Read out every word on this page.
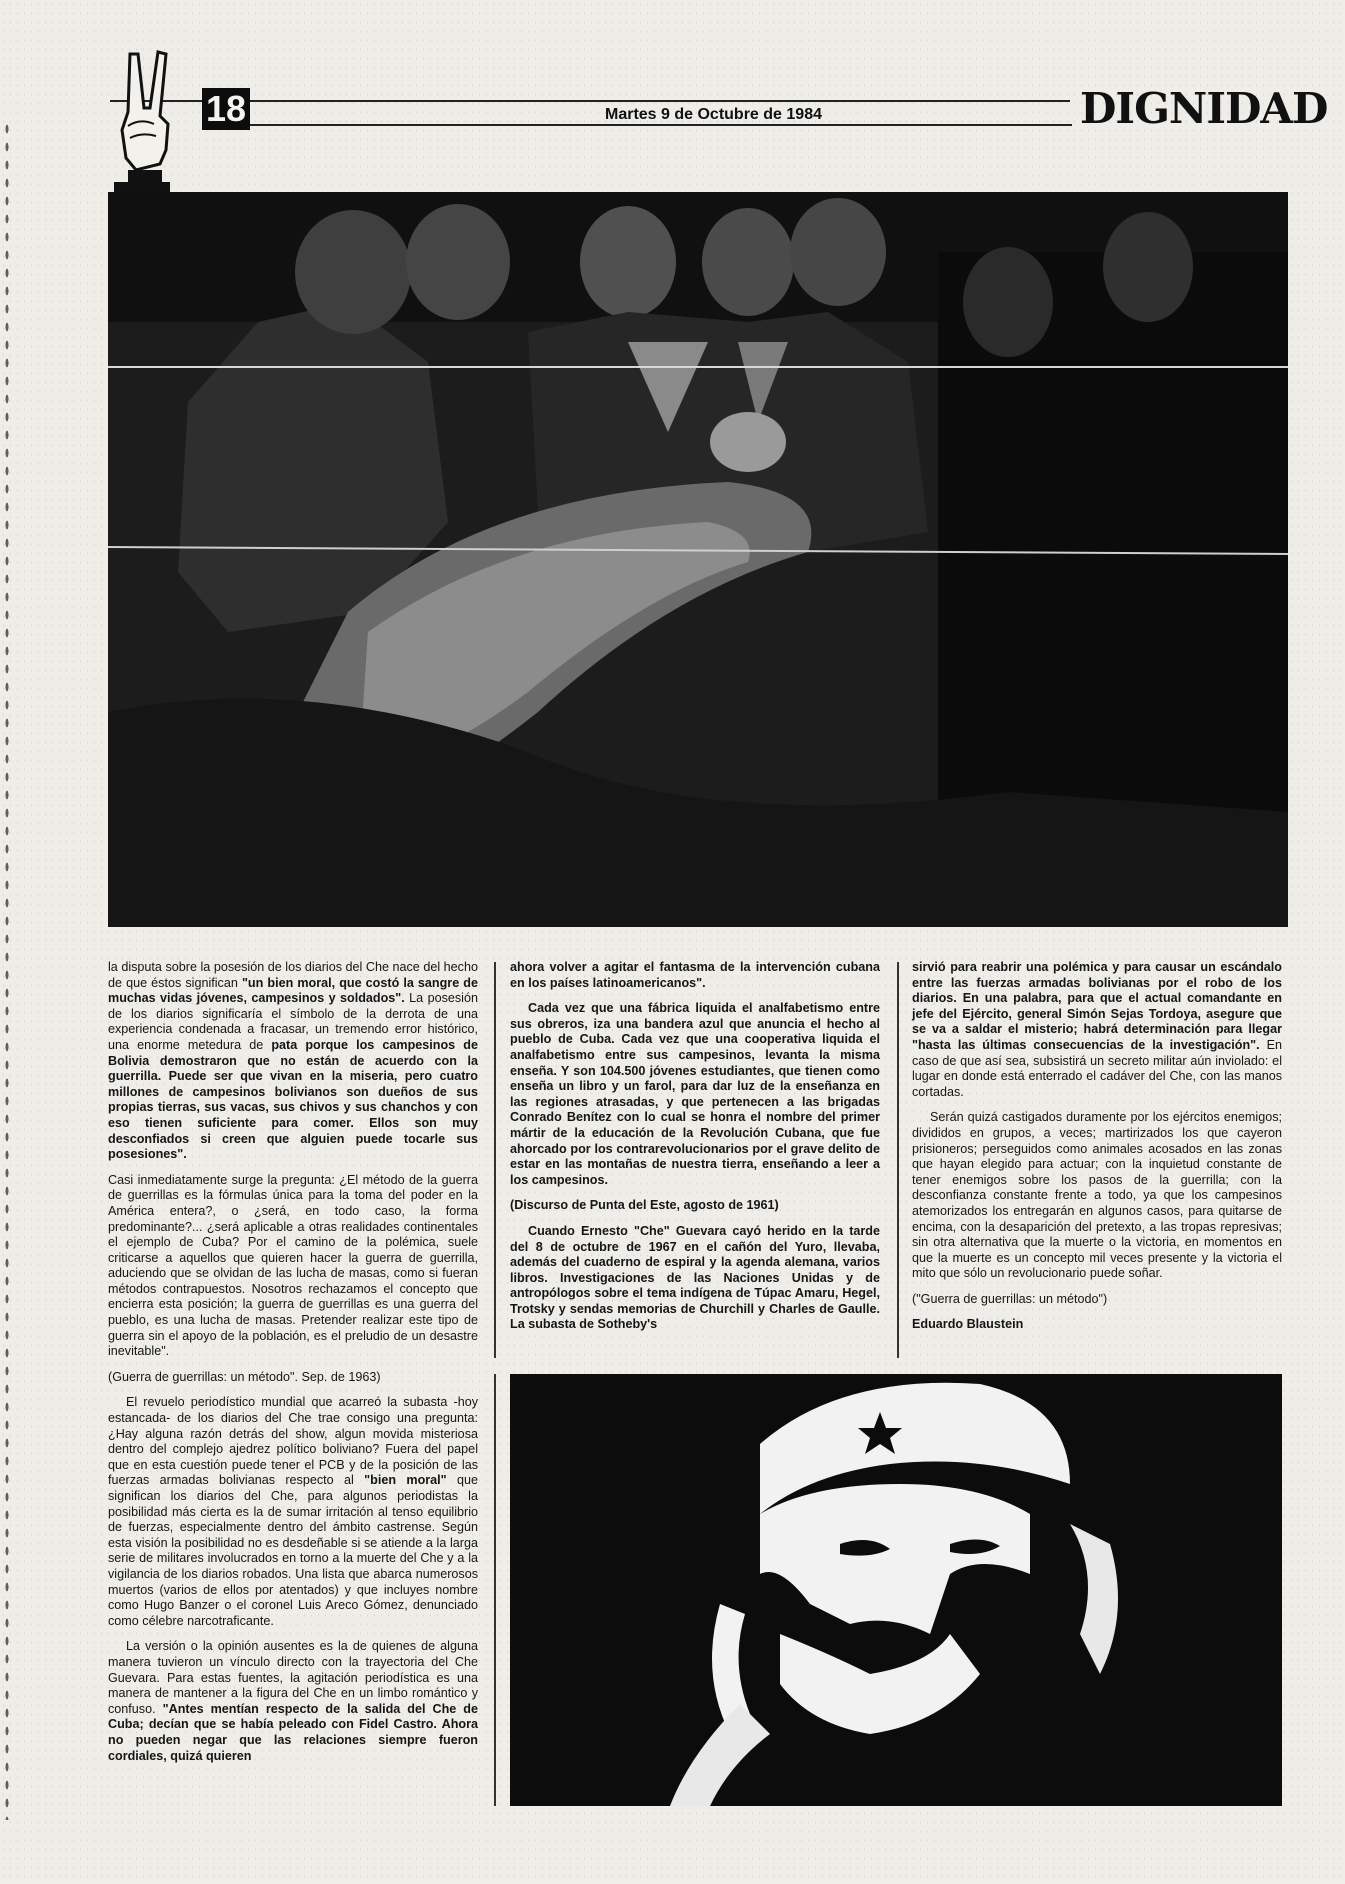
18	Martes 9 de Octubre de 1984	DIGNIDAD

la disputa sobre la posesión de los diarios del Che nace del hecho de que éstos significan "un bien moral, que costó la sangre de muchas vidas jóvenes, campesinos y soldados". La posesión de los diarios significaría el símbolo de la derrota de una experiencia condenada a fracasar, un tremendo error histórico, una enorme metedura de pata porque los campesinos de Bolivia demostraron que no están de acuerdo con la guerrilla. Puede ser que vivan en la miseria, pero cuatro millones de campesinos bolivianos son dueños de sus propias tierras, sus vacas, sus chivos y sus chanchos y con eso tienen suficiente para comer. Ellos son muy desconfiados si creen que alguien puede tocarle sus posesiones".

Casi inmediatamente surge la pregunta: ¿El método de la guerra de guerrillas es la fórmulas única para la toma del poder en la América entera?, o ¿será, en todo caso, la forma predominante?... ¿será aplicable a otras realidades continentales el ejemplo de Cuba? Por el camino de la polémica, suele criticarse a aquellos que quieren hacer la guerra de guerrilla, aduciendo que se olvidan de las lucha de masas, como si fueran métodos contrapuestos. Nosotros rechazamos el concepto que encierra esta posición; la guerra de guerrillas es una guerra del pueblo, es una lucha de masas. Pretender realizar este tipo de guerra sin el apoyo de la población, es el preludio de un desastre inevitable".

(Guerra de guerrillas: un método". Sep. de 1963)

El revuelo periodístico mundial que acarreó la subasta -hoy estancada- de los diarios del Che trae consigo una pregunta: ¿Hay alguna razón detrás del show, algun movida misteriosa dentro del complejo ajedrez político boliviano? Fuera del papel que en esta cuestión puede tener el PCB y de la posición de las fuerzas armadas bolivianas respecto al "bien moral" que significan los diarios del Che, para algunos periodistas la posibilidad más cierta es la de sumar irritación al tenso equilibrio de fuerzas, especialmente dentro del ámbito castrense. Según esta visión la posibilidad no es desdeñable si se atiende a la larga serie de militares involucrados en torno a la muerte del Che y a la vigilancia de los diarios robados. Una lista que abarca numerosos muertos (varios de ellos por atentados) y que incluyes nombre como Hugo Banzer o el coronel Luis Areco Gómez, denunciado como célebre narcotraficante.

La versión o la opinión ausentes es la de quienes de alguna manera tuvieron un vínculo directo con la trayectoria del Che Guevara. Para estas fuentes, la agitación periodística es una manera de mantener a la figura del Che en un limbo romántico y confuso. "Antes mentían respecto de la salida del Che de Cuba; decían que se había peleado con Fidel Castro. Ahora no pueden negar que las relaciones siempre fueron cordiales, quizá quieren

ahora volver a agitar el fantasma de la intervención cubana en los países latinoamericanos".

Cada vez que una fábrica liquida el analfabetismo entre sus obreros, iza una bandera azul que anuncia el hecho al pueblo de Cuba. Cada vez que una cooperativa liquida el analfabetismo entre sus campesinos, levanta la misma enseña. Y son 104.500 jóvenes estudiantes, que tienen como enseña un libro y un farol, para dar luz de la enseñanza en las regiones atrasadas, y que pertenecen a las brigadas Conrado Benítez con lo cual se honra el nombre del primer mártir de la educación de la Revolución Cubana, que fue ahorcado por los contrarevolucionarios por el grave delito de estar en las montañas de nuestra tierra, enseñando a leer a los campesinos.

(Discurso de Punta del Este, agosto de 1961)

Cuando Ernesto "Che" Guevara cayó herido en la tarde del 8 de octubre de 1967 en el cañón del Yuro, llevaba, además del cuaderno de espiral y la agenda alemana, varios libros. Investigaciones de las Naciones Unidas y de antropólogos sobre el tema indígena de Túpac Amaru, Hegel, Trotsky y sendas memorias de Churchill y Charles de Gaulle. La subasta de Sotheby's

sirvió para reabrir una polémica y para causar un escándalo entre las fuerzas armadas bolivianas por el robo de los diarios. En una palabra, para que el actual comandante en jefe del Ejército, general Simón Sejas Tordoya, asegure que se va a saldar el misterio; habrá determinación para llegar "hasta las últimas consecuencias de la investigación". En caso de que así sea, subsistirá un secreto militar aún inviolado: el lugar en donde está enterrado el cadáver del Che, con las manos cortadas.

Serán quizá castigados duramente por los ejércitos enemigos; divididos en grupos, a veces; martirizados los que cayeron prisioneros; perseguidos como animales acosados en las zonas que hayan elegido para actuar; con la inquietud constante de tener enemigos sobre los pasos de la guerrilla; con la desconfianza constante frente a todo, ya que los campesinos atemorizados los entregarán en algunos casos, para quitarse de encima, con la desaparición del pretexto, a las tropas represivas; sin otra alternativa que la muerte o la victoria, en momentos en que la muerte es un concepto mil veces presente y la victoria el mito que sólo un revolucionario puede soñar.

("Guerra de guerrillas: un método")

Eduardo Blaustein
